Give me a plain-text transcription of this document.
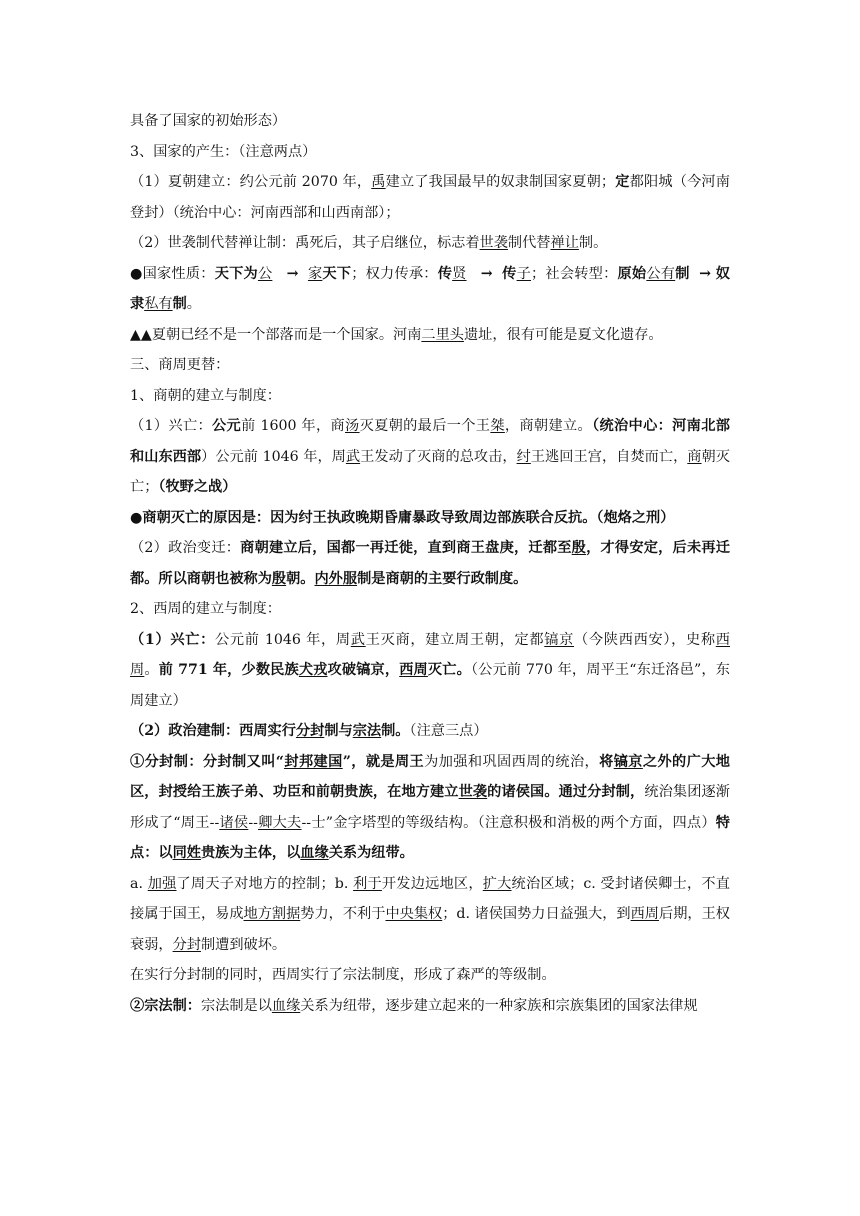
具备了国家的初始形态）

3、国家的产生：（注意两点）

（1）夏朝建立：约公元前 2070 年，禹建立了我国最早的奴隶制国家夏朝；定都阳城（今河南登封）（统治中心：河南西部和山西南部）；

（2）世袭制代替禅让制：禹死后，其子启继位，标志着世袭制代替禅让制。

●国家性质：天下为公 → 家天下；权力传承：传贤 → 传子；社会转型：原始公有制 → 奴隶私有制。

▲▲夏朝已经不是一个部落而是一个国家。河南二里头遗址，很有可能是夏文化遗存。

三、商周更替：

1、商朝的建立与制度：

（1）兴亡：公元前 1600 年，商汤灭夏朝的最后一个王桀，商朝建立。（统治中心：河南北部和山东西部）公元前 1046 年，周武王发动了灭商的总攻击，纣王逃回王宫，自焚而亡，商朝灭亡；（牧野之战）

●商朝灭亡的原因是：因为纣王执政晚期昏庸暴政导致周边部族联合反抗。（炮烙之刑）

（2）政治变迁：商朝建立后，国都一再迁徙，直到商王盘庚，迁都至殷，才得安定，后未再迁都。所以商朝也被称为殷朝。内外服制是商朝的主要行政制度。

2、西周的建立与制度：

（1）兴亡：公元前 1046 年，周武王灭商，建立周王朝，定都镐京（今陕西西安），史称西周。前 771 年，少数民族犬戎攻破镐京，西周灭亡。（公元前 770 年，周平王“东迁洛邑”，东周建立）

（2）政治建制：西周实行分封制与宗法制。（注意三点）

①分封制：分封制又叫“封邦建国”，就是周王为加强和巩固西周的统治，将镐京之外的广大地区，封授给王族子弟、功臣和前朝贵族，在地方建立世袭的诸侯国。通过分封制，统治集团逐渐形成了“周王--诸侯--卿大夫--士”金字塔型的等级结构。（注意积极和消极的两个方面，四点）特点：以同姓贵族为主体，以血缘关系为纽带。

a. 加强了周天子对地方的控制；b. 利于开发边远地区，扩大统治区域；c. 受封诸侯卿士，不直接属于国王，易成地方割据势力，不利于中央集权；d. 诸侯国势力日益强大，到西周后期，王权衰弱，分封制遭到破坏。

在实行分封制的同时，西周实行了宗法制度，形成了森严的等级制。

②宗法制：宗法制是以血缘关系为纽带，逐步建立起来的一种家族和宗族集团的国家法律规
